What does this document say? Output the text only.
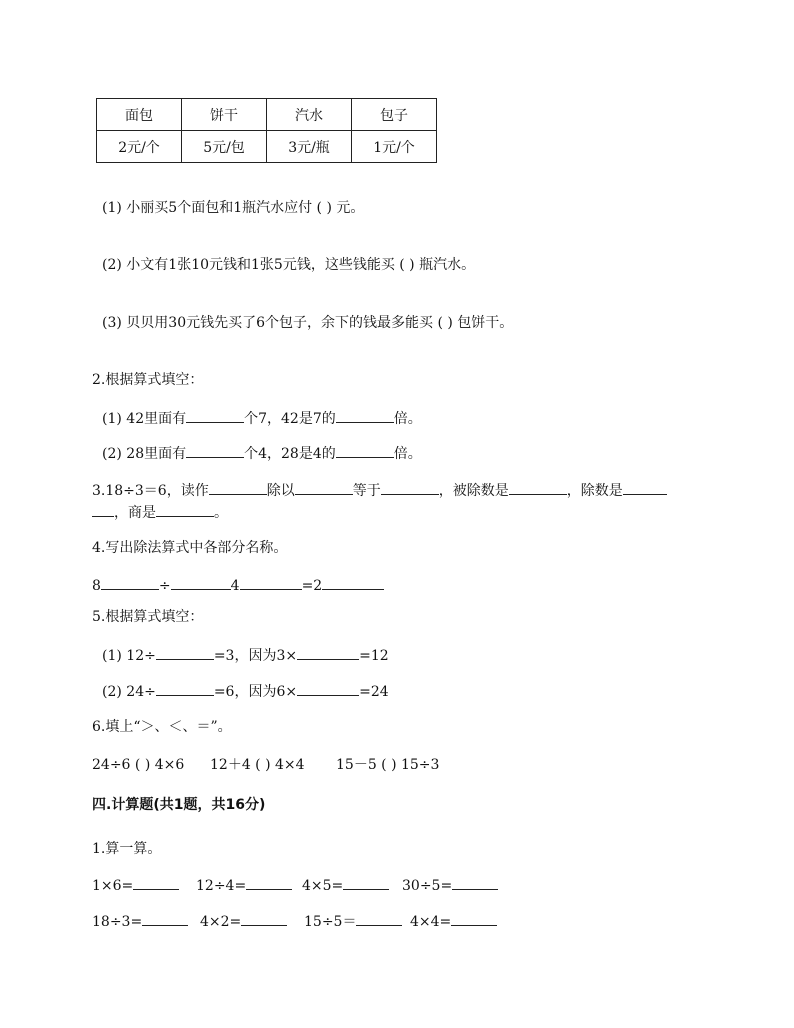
面包	饼干	汽水	包子
2元/个	5元/包	3元/瓶	1元/个
(1) 小丽买5个面包和1瓶汽水应付 ( ) 元。
(2) 小文有1张10元钱和1张5元钱，这些钱能买 ( ) 瓶汽水。
(3) 贝贝用30元钱先买了6个包子，余下的钱最多能买 ( ) 包饼干。
2.根据算式填空：
(1) 42里面有	个7，42是7的	倍。
(2) 28里面有	个4，28是4的	倍。
3.18÷3＝6，读作	除以	等于	，被除数是	，除数是
，商是	。
4.写出除法算式中各部分名称。
8	÷	4	=2
5.根据算式填空：
(1) 12÷	=3，因为3×	=12
(2) 24÷	=6，因为6×	=24
6.填上“＞、＜、＝”。
24÷6 ( ) 4×6 12＋4 ( ) 4×4 15－5 ( ) 15÷3
四.计算题(共1题，共16分)
1.算一算。
1×6=	12÷4=	4×5=	30÷5=
18÷3=	4×2=	15÷5＝	4×4=
